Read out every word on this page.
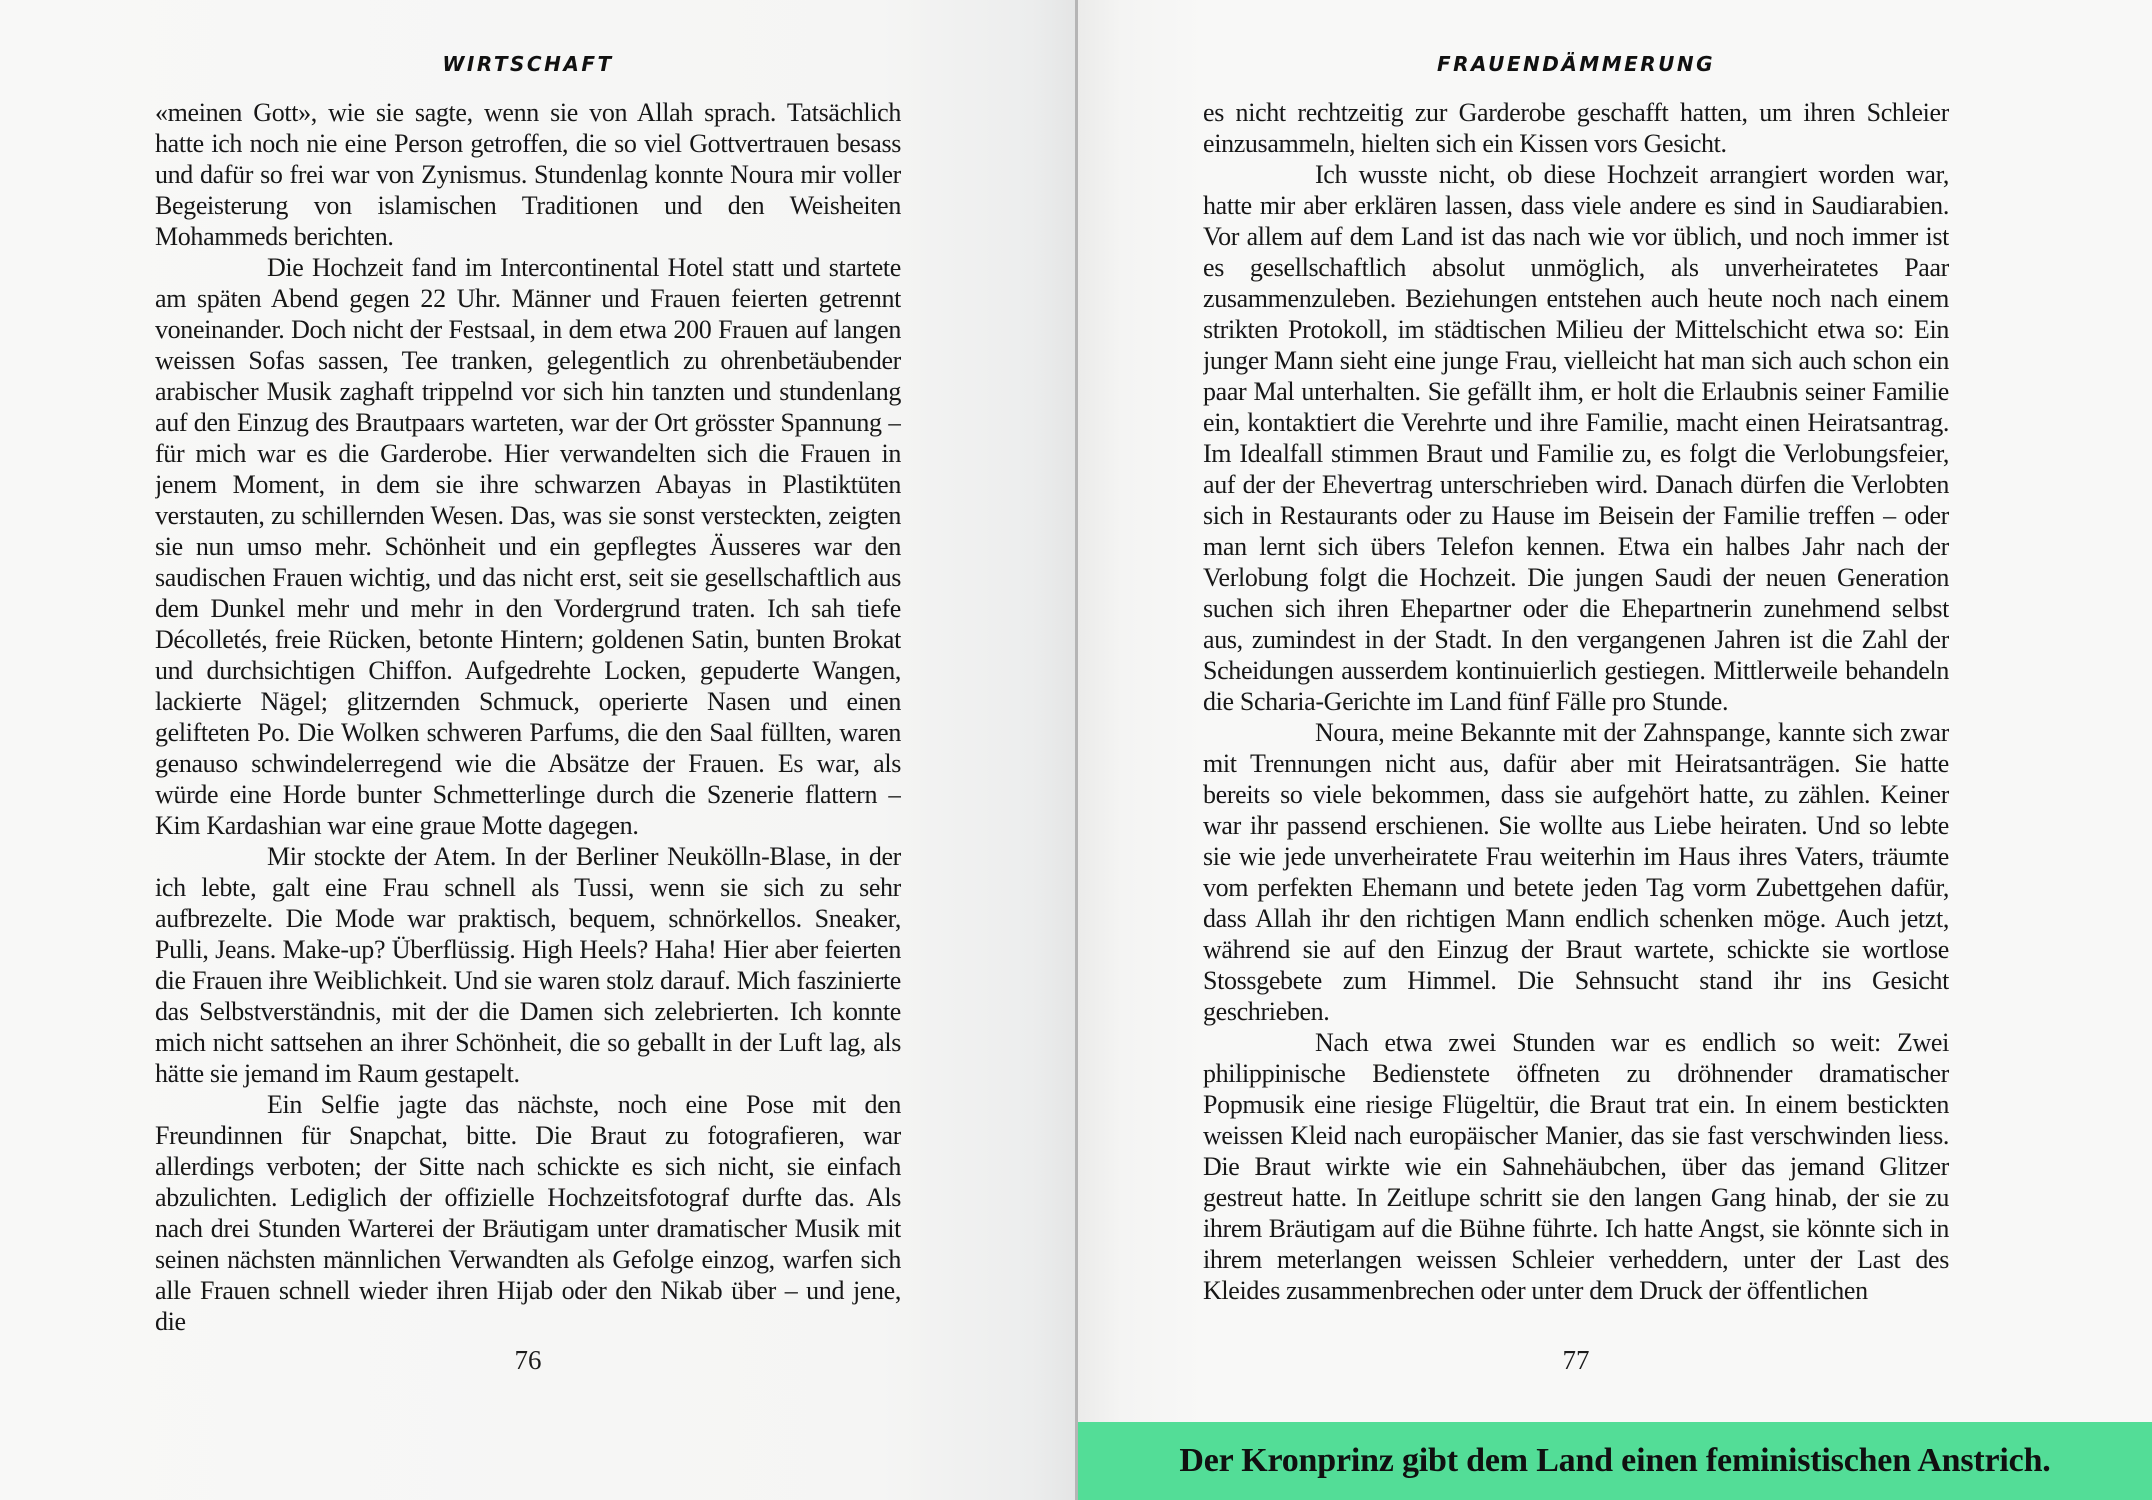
WIRTSCHAFT

«meinen Gott», wie sie sagte, wenn sie von Allah sprach. Tatsächlich hatte ich noch nie eine Person getroffen, die so viel Gottvertrauen besass und dafür so frei war von Zynismus. Stundenlag konnte Noura mir voller Begeisterung von islamischen Traditionen und den Weisheiten Mohammeds berichten.

Die Hochzeit fand im Intercontinental Hotel statt und startete am späten Abend gegen 22 Uhr. Männer und Frauen feierten getrennt voneinander. Doch nicht der Festsaal, in dem etwa 200 Frauen auf langen weissen Sofas sassen, Tee tranken, gelegentlich zu ohrenbetäubender arabischer Musik zaghaft trippelnd vor sich hin tanzten und stundenlang auf den Einzug des Brautpaars warteten, war der Ort grösster Spannung – für mich war es die Garderobe. Hier verwandelten sich die Frauen in jenem Moment, in dem sie ihre schwarzen Abayas in Plastiktüten verstauten, zu schillernden Wesen. Das, was sie sonst versteckten, zeigten sie nun umso mehr. Schönheit und ein gepflegtes Äusseres war den saudischen Frauen wichtig, und das nicht erst, seit sie gesellschaftlich aus dem Dunkel mehr und mehr in den Vordergrund traten. Ich sah tiefe Décolletés, freie Rücken, betonte Hintern; goldenen Satin, bunten Brokat und durchsichtigen Chiffon. Aufgedrehte Locken, gepuderte Wangen, lackierte Nägel; glitzernden Schmuck, operierte Nasen und einen gelifteten Po. Die Wolken schweren Parfums, die den Saal füllten, waren genauso schwindelerregend wie die Absätze der Frauen. Es war, als würde eine Horde bunter Schmetterlinge durch die Szenerie flattern – Kim Kardashian war eine graue Motte dagegen.

Mir stockte der Atem. In der Berliner Neukölln-Blase, in der ich lebte, galt eine Frau schnell als Tussi, wenn sie sich zu sehr aufbrezelte. Die Mode war praktisch, bequem, schnörkellos. Sneaker, Pulli, Jeans. Make-up? Überflüssig. High Heels? Haha! Hier aber feierten die Frauen ihre Weiblichkeit. Und sie waren stolz darauf. Mich faszinierte das Selbstverständnis, mit der die Damen sich zelebrierten. Ich konnte mich nicht sattsehen an ihrer Schönheit, die so geballt in der Luft lag, als hätte sie jemand im Raum gestapelt.

Ein Selfie jagte das nächste, noch eine Pose mit den Freundinnen für Snapchat, bitte. Die Braut zu fotografieren, war allerdings verboten; der Sitte nach schickte es sich nicht, sie einfach abzulichten. Lediglich der offizielle Hochzeitsfotograf durfte das. Als nach drei Stunden Warterei der Bräutigam unter dramatischer Musik mit seinen nächsten männlichen Verwandten als Gefolge einzog, warfen sich alle Frauen schnell wieder ihren Hijab oder den Nikab über – und jene, die

76
FRAUENDÄMMERUNG

es nicht rechtzeitig zur Garderobe geschafft hatten, um ihren Schleier einzusammeln, hielten sich ein Kissen vors Gesicht.

Ich wusste nicht, ob diese Hochzeit arrangiert worden war, hatte mir aber erklären lassen, dass viele andere es sind in Saudiarabien. Vor allem auf dem Land ist das nach wie vor üblich, und noch immer ist es gesellschaftlich absolut unmöglich, als unverheiratetes Paar zusammenzuleben. Beziehungen entstehen auch heute noch nach einem strikten Protokoll, im städtischen Milieu der Mittelschicht etwa so: Ein junger Mann sieht eine junge Frau, vielleicht hat man sich auch schon ein paar Mal unterhalten. Sie gefällt ihm, er holt die Erlaubnis seiner Familie ein, kontaktiert die Verehrte und ihre Familie, macht einen Heiratsantrag. Im Idealfall stimmen Braut und Familie zu, es folgt die Verlobungsfeier, auf der der Ehevertrag unterschrieben wird. Danach dürfen die Verlobten sich in Restaurants oder zu Hause im Beisein der Familie treffen – oder man lernt sich übers Telefon kennen. Etwa ein halbes Jahr nach der Verlobung folgt die Hochzeit. Die jungen Saudi der neuen Generation suchen sich ihren Ehepartner oder die Ehepartnerin zunehmend selbst aus, zumindest in der Stadt. In den vergangenen Jahren ist die Zahl der Scheidungen ausserdem kontinuierlich gestiegen. Mittlerweile behandeln die Scharia-Gerichte im Land fünf Fälle pro Stunde.

Noura, meine Bekannte mit der Zahnspange, kannte sich zwar mit Trennungen nicht aus, dafür aber mit Heiratsanträgen. Sie hatte bereits so viele bekommen, dass sie aufgehört hatte, zu zählen. Keiner war ihr passend erschienen. Sie wollte aus Liebe heiraten. Und so lebte sie wie jede unverheiratete Frau weiterhin im Haus ihres Vaters, träumte vom perfekten Ehemann und betete jeden Tag vorm Zubettgehen dafür, dass Allah ihr den richtigen Mann endlich schenken möge. Auch jetzt, während sie auf den Einzug der Braut wartete, schickte sie wortlose Stossgebete zum Himmel. Die Sehnsucht stand ihr ins Gesicht geschrieben.

Nach etwa zwei Stunden war es endlich so weit: Zwei philippinische Bedienstete öffneten zu dröhnender dramatischer Popmusik eine riesige Flügeltür, die Braut trat ein. In einem bestickten weissen Kleid nach europäischer Manier, das sie fast verschwinden liess. Die Braut wirkte wie ein Sahnehäubchen, über das jemand Glitzer gestreut hatte. In Zeitlupe schritt sie den langen Gang hinab, der sie zu ihrem Bräutigam auf die Bühne führte. Ich hatte Angst, sie könnte sich in ihrem meterlangen weissen Schleier verheddern, unter der Last des Kleides zusammenbrechen oder unter dem Druck der öffentlichen

77
Der Kronprinz gibt dem Land einen feministischen Anstrich.
